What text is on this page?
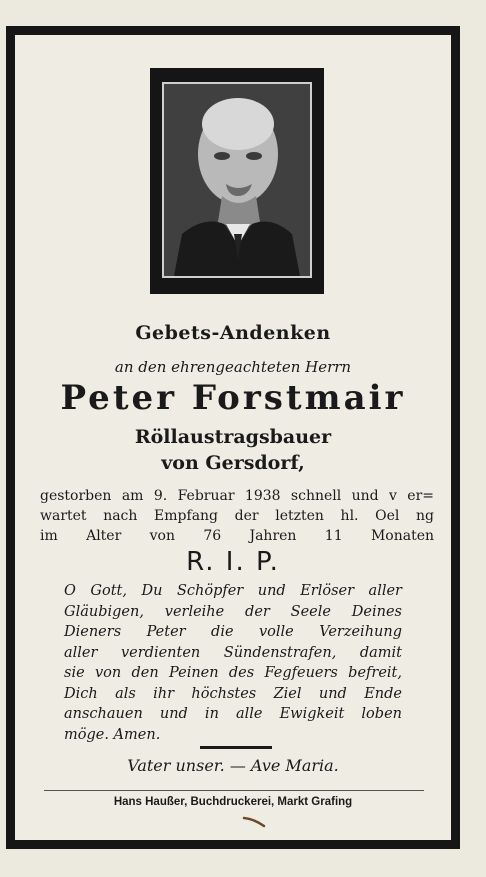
Gebets-Andenken
an den ehrengeachteten Herrn
Peter Forstmair
Röllaustragsbauer
von Gersdorf,
gestorben am 9. Februar 1938 schnell und v er=
wartet nach Empfang der letzten hl. Oel ng
im Alter von 76 Jahren 11 Monaten
R. I. P.
O Gott, Du Schöpfer und Erlöser aller
Gläubigen, verleihe der Seele Deines
Dieners Peter die volle Verzeihung
aller verdienten Sündenstrafen, damit
sie von den Peinen des Fegfeuers befreit,
Dich als ihr höchstes Ziel und Ende
anschauen und in alle Ewigkeit loben
möge. Amen.
Vater unser. — Ave Maria.
Hans Haußer, Buchdruckerei, Markt Grafing
